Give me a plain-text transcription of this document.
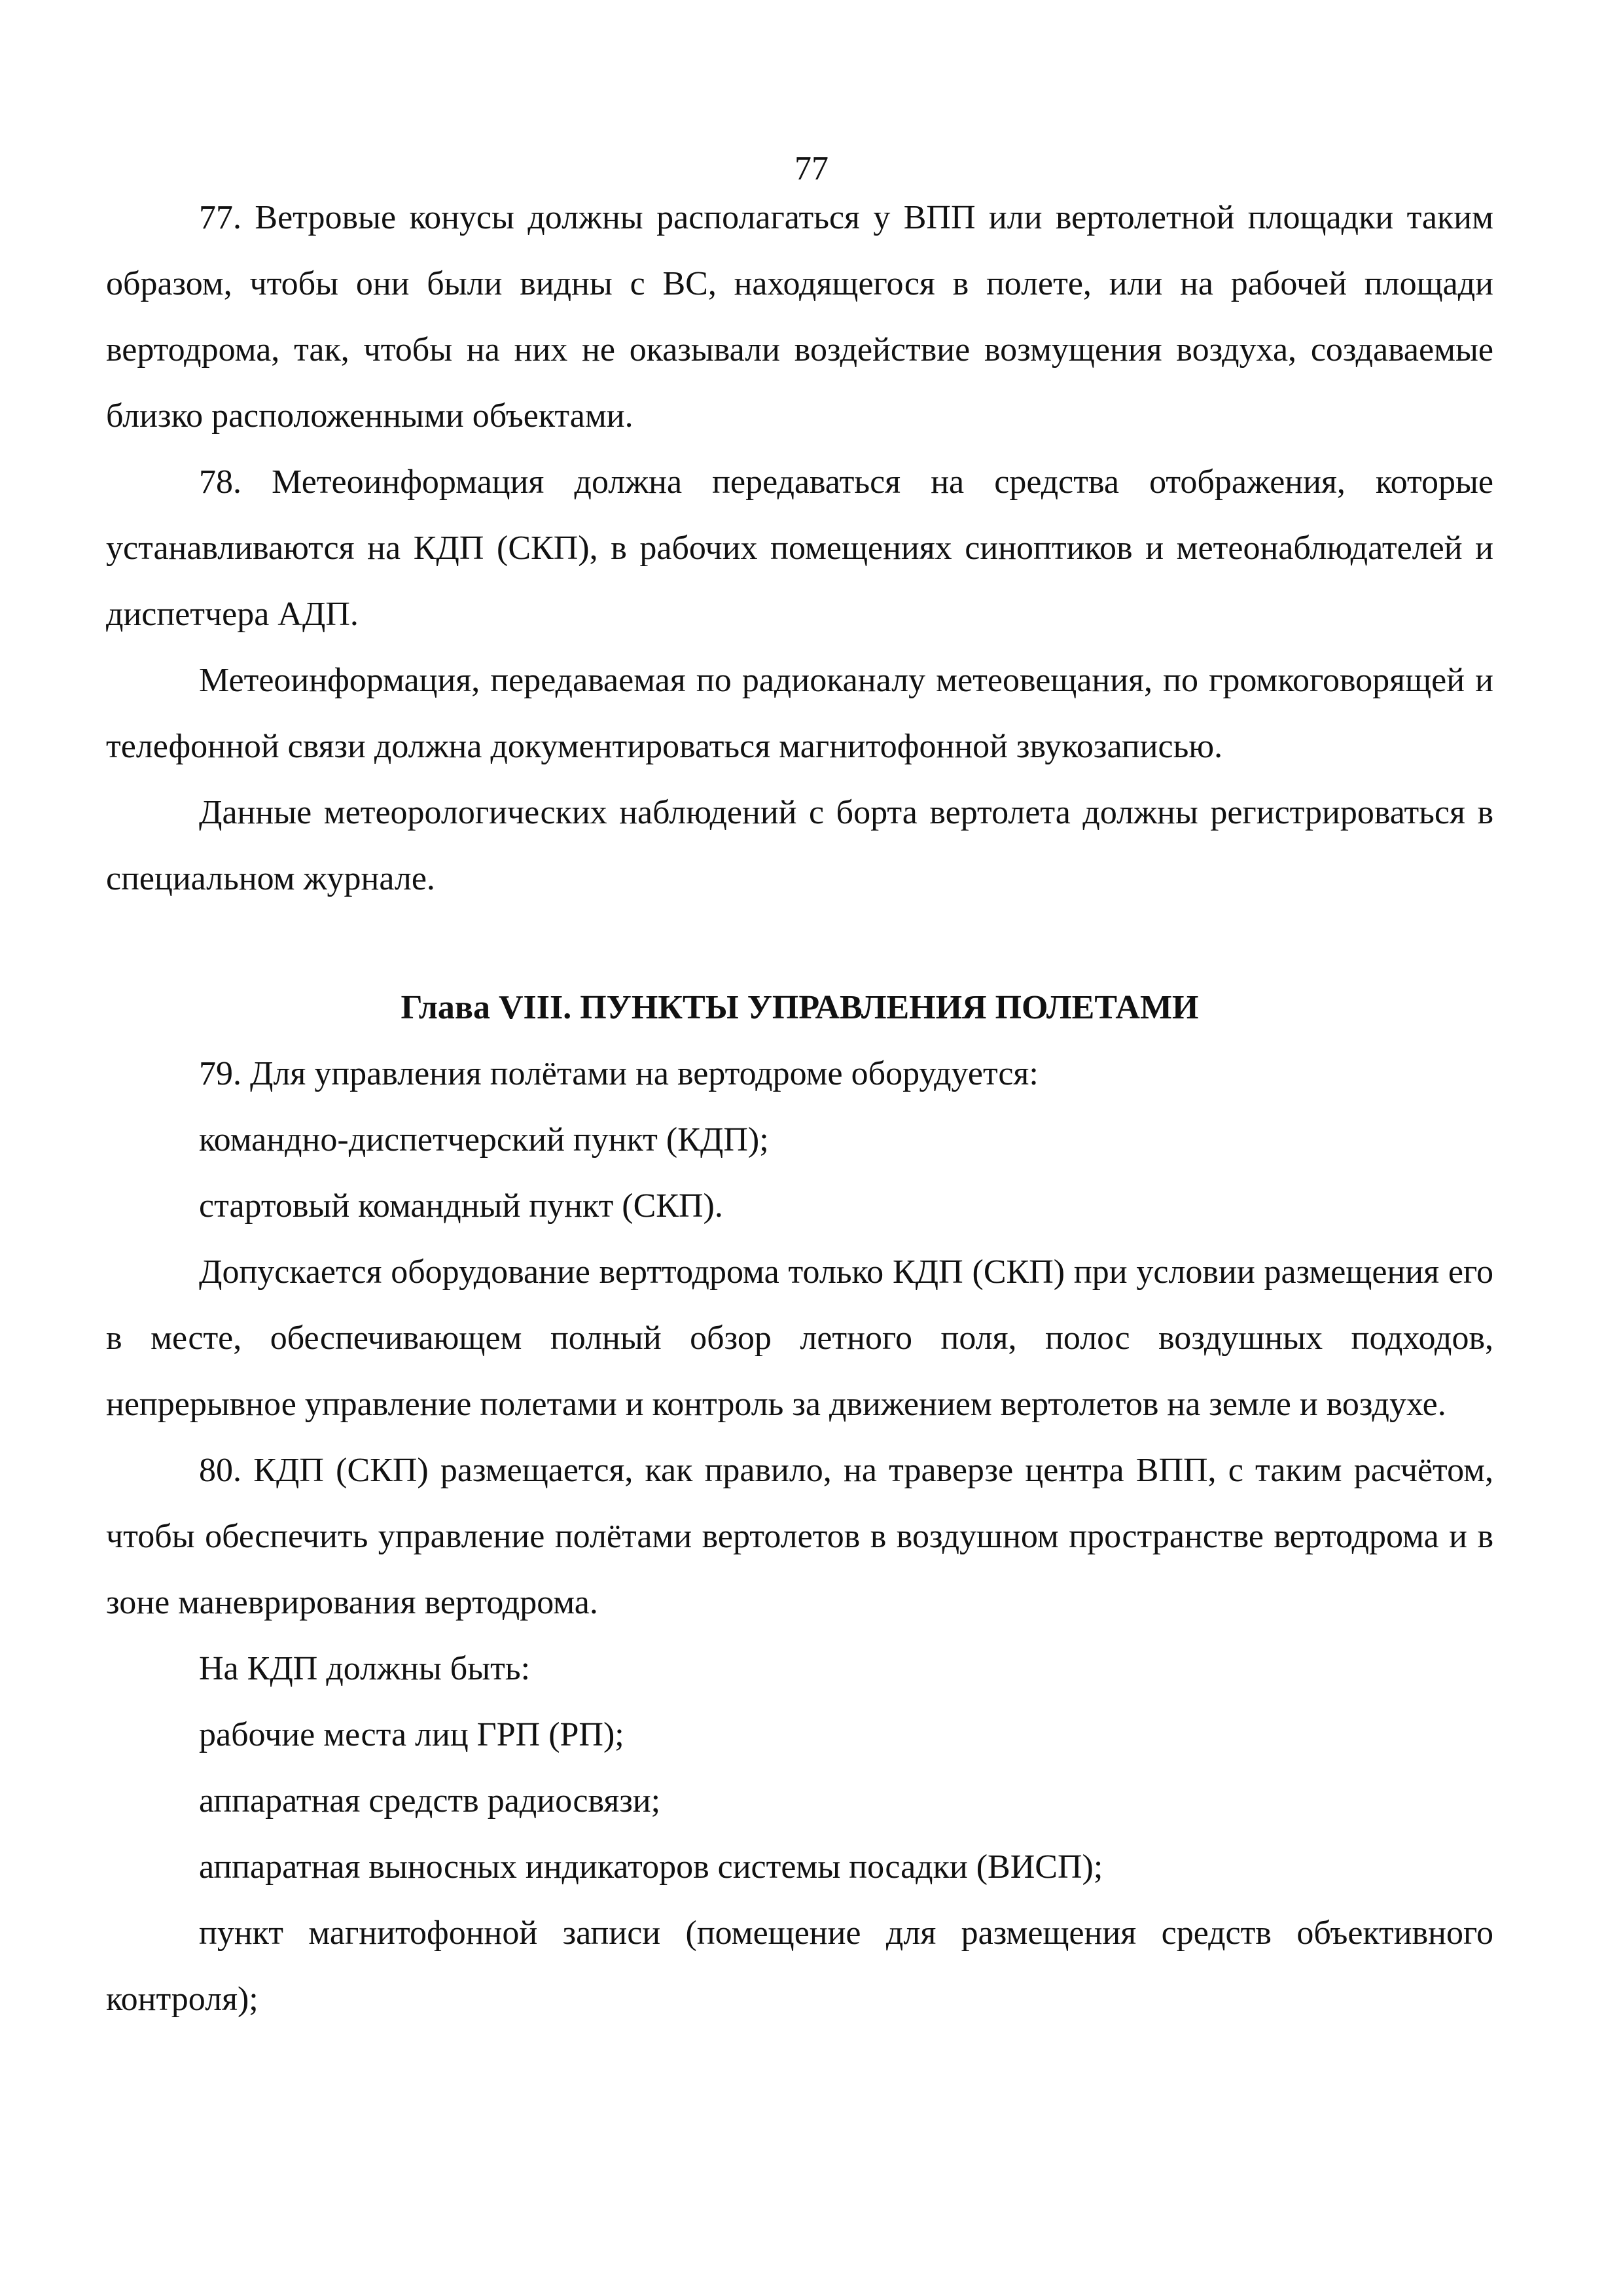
77

77. Ветровые конусы должны располагаться у ВПП или вертолетной площадки таким образом, чтобы они были видны с ВС, находящегося в полете, или на рабочей площади вертодрома, так, чтобы на них не оказывали воздействие возмущения воздуха, создаваемые близко расположенными объектами.

78. Метеоинформация должна передаваться на средства отображения, которые устанавливаются на КДП (СКП), в рабочих помещениях синоптиков и метеонаблюдателей и диспетчера АДП.

Метеоинформация, передаваемая по радиоканалу метеовещания, по громкоговорящей и телефонной связи должна документироваться магнитофонной звукозаписью.

Данные метеорологических наблюдений с борта вертолета должны регистрироваться в специальном журнале.

Глава VIII. ПУНКТЫ УПРАВЛЕНИЯ ПОЛЕТАМИ

79. Для управления полётами на вертодроме оборудуется:

командно-диспетчерский пункт (КДП);

стартовый командный пункт (СКП).

Допускается оборудование верттодрома только КДП (СКП) при условии размещения его в месте, обеспечивающем полный обзор летного поля, полос воздушных подходов, непрерывное управление полетами и контроль за движением вертолетов на земле и воздухе.

80. КДП (СКП) размещается, как правило, на траверзе центра ВПП, с таким расчётом, чтобы обеспечить управление полётами вертолетов в воздушном пространстве вертодрома и в зоне маневрирования вертодрома.

На КДП должны быть:

рабочие места лиц ГРП (РП);

аппаратная средств радиосвязи;

аппаратная выносных индикаторов системы посадки (ВИСП);

пункт магнитофонной записи (помещение для размещения средств объективного контроля);
